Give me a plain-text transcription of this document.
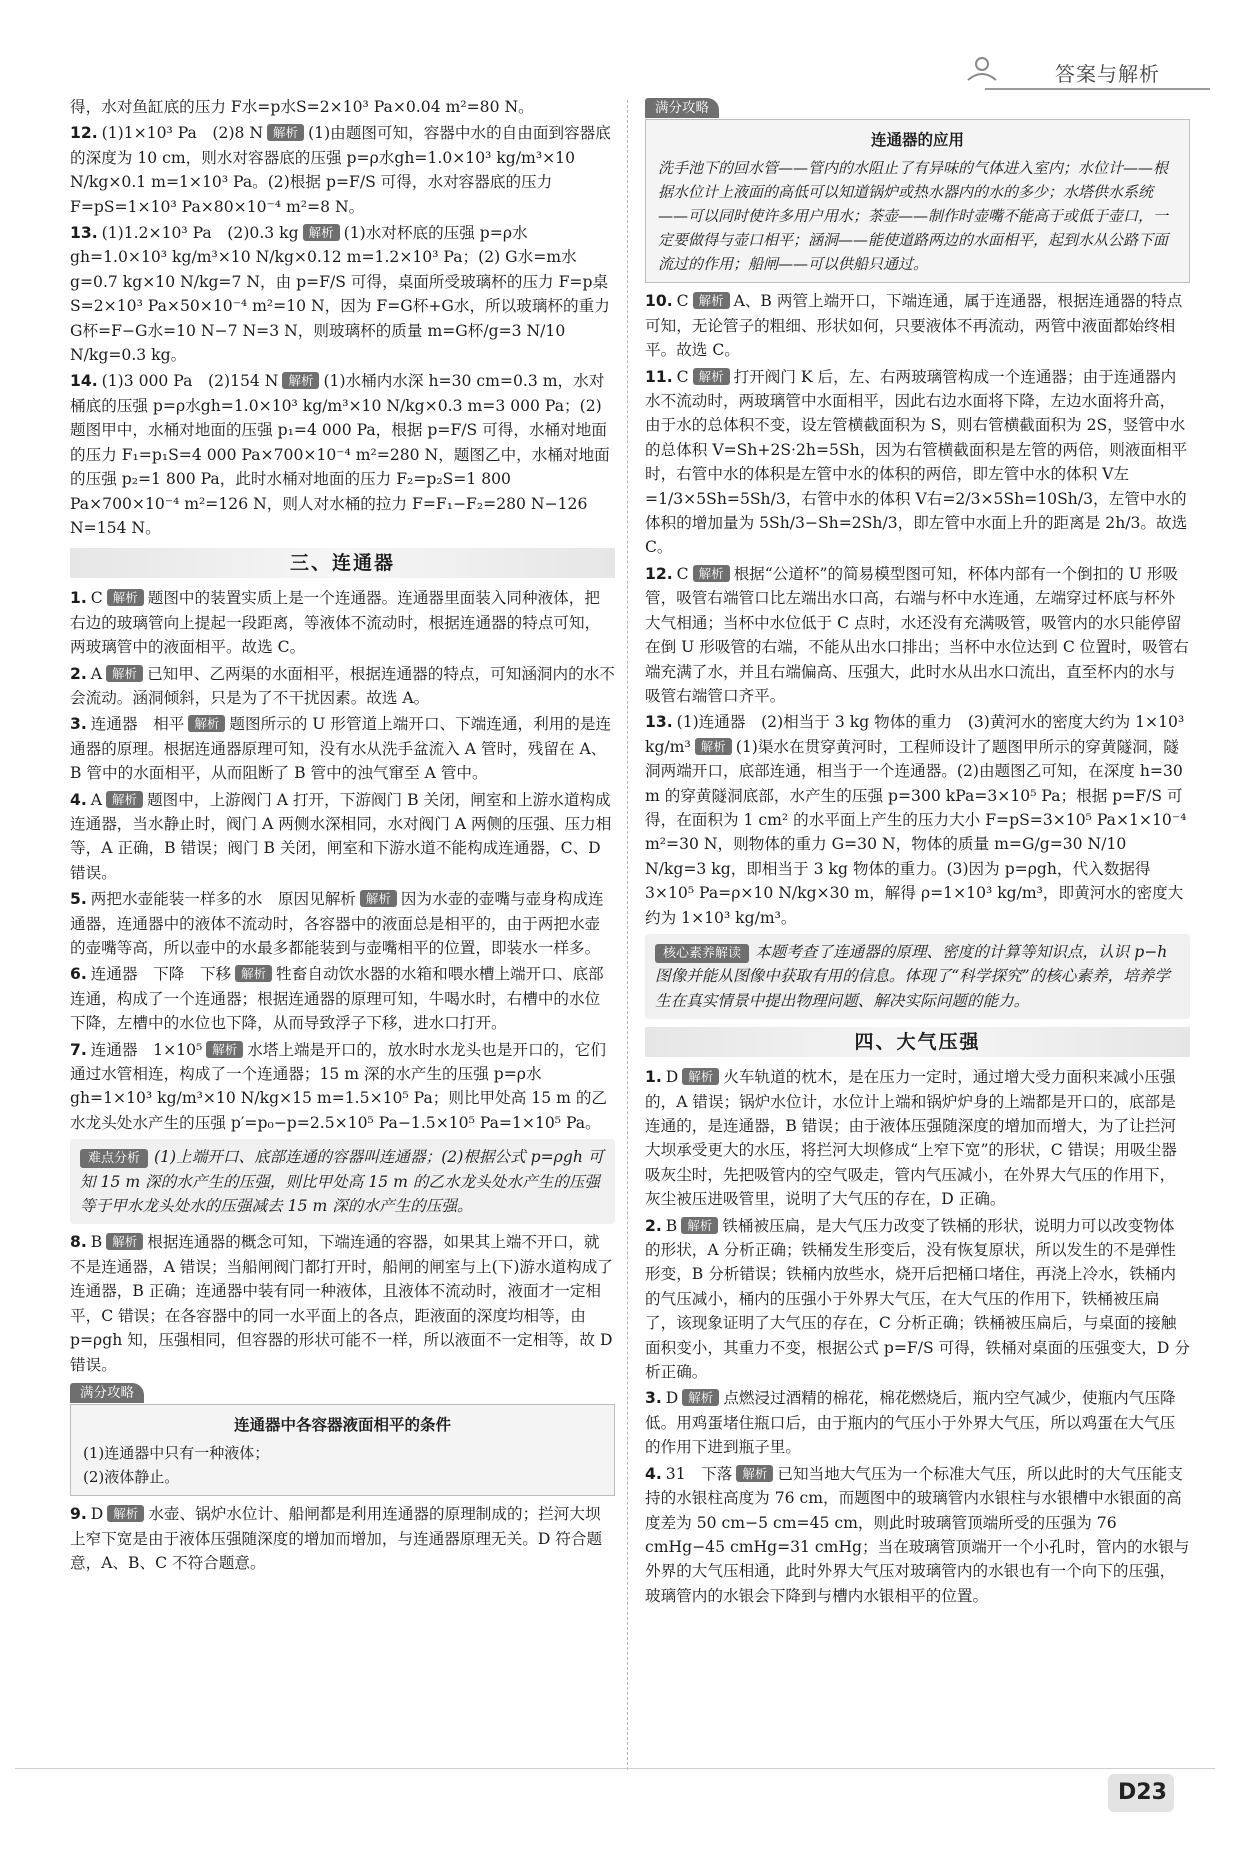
答案与解析

得，水对鱼缸底的压力 F水=p水S=2×10³ Pa×0.04 m²=80 N。

12. (1)1×10³ Pa　(2)8 N 解析 (1)由题图可知，容器中水的自由面到容器底的深度为 10 cm，则水对容器底的压强 p=ρ水gh=1.0×10³ kg/m³×10 N/kg×0.1 m=1×10³ Pa。(2)根据 p=F/S 可得，水对容器底的压力 F=pS=1×10³ Pa×80×10⁻⁴ m²=8 N。
13. (1)1.2×10³ Pa　(2)0.3 kg 解析 (1)水对杯底的压强 p=ρ水gh=1.0×10³ kg/m³×10 N/kg×0.12 m=1.2×10³ Pa；(2) G水=m水g=0.7 kg×10 N/kg=7 N，由 p=F/S 可得，桌面所受玻璃杯的压力 F=p桌S=2×10³ Pa×50×10⁻⁴ m²=10 N，因为 F=G杯+G水，所以玻璃杯的重力 G杯=F−G水=10 N−7 N=3 N，则玻璃杯的质量 m=G杯/g=3 N/10 N/kg=0.3 kg。
14. (1)3 000 Pa　(2)154 N 解析 (1)水桶内水深 h=30 cm=0.3 m，水对桶底的压强 p=ρ水gh=1.0×10³ kg/m³×10 N/kg×0.3 m=3 000 Pa；(2)题图甲中，水桶对地面的压强 p₁=4 000 Pa，根据 p=F/S 可得，水桶对地面的压力 F₁=p₁S=4 000 Pa×700×10⁻⁴ m²=280 N，题图乙中，水桶对地面的压强 p₂=1 800 Pa，此时水桶对地面的压力 F₂=p₂S=1 800 Pa×700×10⁻⁴ m²=126 N，则人对水桶的拉力 F=F₁−F₂=280 N−126 N=154 N。
三、连通器
1. C 解析 题图中的装置实质上是一个连通器。连通器里面装入同种液体，把右边的玻璃管向上提起一段距离，等液体不流动时，根据连通器的特点可知，两玻璃管中的液面相平。故选 C。
2. A 解析 已知甲、乙两渠的水面相平，根据连通器的特点，可知涵洞内的水不会流动。涵洞倾斜，只是为了不干扰因素。故选 A。
3. 连通器　相平 解析 题图所示的 U 形管道上端开口、下端连通，利用的是连通器的原理。根据连通器原理可知，没有水从洗手盆流入 A 管时，残留在 A、B 管中的水面相平，从而阻断了 B 管中的浊气窜至 A 管中。
4. A 解析 题图中，上游阀门 A 打开，下游阀门 B 关闭，闸室和上游水道构成连通器，当水静止时，阀门 A 两侧水深相同，水对阀门 A 两侧的压强、压力相等，A 正确，B 错误；阀门 B 关闭，闸室和下游水道不能构成连通器，C、D 错误。
5. 两把水壶能装一样多的水　原因见解析 解析 因为水壶的壶嘴与壶身构成连通器，连通器中的液体不流动时，各容器中的液面总是相平的，由于两把水壶的壶嘴等高，所以壶中的水最多都能装到与壶嘴相平的位置，即装水一样多。
6. 连通器　下降　下移 解析 牲畜自动饮水器的水箱和喂水槽上端开口、底部连通，构成了一个连通器；根据连通器的原理可知，牛喝水时，右槽中的水位下降，左槽中的水位也下降，从而导致浮子下移，进水口打开。
7. 连通器　1×10⁵ 解析 水塔上端是开口的，放水时水龙头也是开口的，它们通过水管相连，构成了一个连通器；15 m 深的水产生的压强 p=ρ水gh=1×10³ kg/m³×10 N/kg×15 m=1.5×10⁵ Pa；则比甲处高 15 m 的乙水龙头处水产生的压强 p′=p₀−p=2.5×10⁵ Pa−1.5×10⁵ Pa=1×10⁵ Pa。
难点分析 (1)上端开口、底部连通的容器叫连通器；(2)根据公式 p=ρgh 可知 15 m 深的水产生的压强，则比甲处高 15 m 的乙水龙头处水产生的压强等于甲水龙头处水的压强减去 15 m 深的水产生的压强。
8. B 解析 根据连通器的概念可知，下端连通的容器，如果其上端不开口，就不是连通器，A 错误；当船闸阀门都打开时，船闸的闸室与上(下)游水道构成了连通器，B 正确；连通器中装有同一种液体，且液体不流动时，液面才一定相平，C 错误；在各容器中的同一水平面上的各点，距液面的深度均相等，由 p=ρgh 知，压强相同，但容器的形状可能不一样，所以液面不一定相等，故 D 错误。
满分攻略
连通器中各容器液面相平的条件
(1)连通器中只有一种液体；
(2)液体静止。
9. D 解析 水壶、锅炉水位计、船闸都是利用连通器的原理制成的；拦河大坝上窄下宽是由于液体压强随深度的增加而增加，与连通器原理无关。D 符合题意，A、B、C 不符合题意。
满分攻略
连通器的应用
洗手池下的回水管——管内的水阻止了有异味的气体进入室内；水位计——根据水位计上液面的高低可以知道锅炉或热水器内的水的多少；水塔供水系统——可以同时使许多用户用水；茶壶——制作时壶嘴不能高于或低于壶口，一定要做得与壶口相平；涵洞——能使道路两边的水面相平，起到水从公路下面流过的作用；船闸——可以供船只通过。
10. C 解析 A、B 两管上端开口，下端连通，属于连通器，根据连通器的特点可知，无论管子的粗细、形状如何，只要液体不再流动，两管中液面都始终相平。故选 C。
11. C 解析 打开阀门 K 后，左、右两玻璃管构成一个连通器；由于连通器内水不流动时，两玻璃管中水面相平，因此右边水面将下降，左边水面将升高，由于水的总体积不变，设左管横截面积为 S，则右管横截面积为 2S，竖管中水的总体积 V=Sh+2S·2h=5Sh，因为右管横截面积是左管的两倍，则液面相平时，右管中水的体积是左管中水的体积的两倍，即左管中水的体积 V左=1/3×5Sh=5Sh/3，右管中水的体积 V右=2/3×5Sh=10Sh/3，左管中水的体积的增加量为 5Sh/3−Sh=2Sh/3，即左管中水面上升的距离是 2h/3。故选 C。
12. C 解析 根据“公道杯”的简易模型图可知，杯体内部有一个倒扣的 U 形吸管，吸管右端管口比左端出水口高，右端与杯中水连通，左端穿过杯底与杯外大气相通；当杯中水位低于 C 点时，水还没有充满吸管，吸管内的水只能停留在倒 U 形吸管的右端，不能从出水口排出；当杯中水位达到 C 位置时，吸管右端充满了水，并且右端偏高、压强大，此时水从出水口流出，直至杯内的水与吸管右端管口齐平。
13. (1)连通器　(2)相当于 3 kg 物体的重力　(3)黄河水的密度大约为 1×10³ kg/m³ 解析 (1)渠水在贯穿黄河时，工程师设计了题图甲所示的穿黄隧洞，隧洞两端开口，底部连通，相当于一个连通器。(2)由题图乙可知，在深度 h=30 m 的穿黄隧洞底部，水产生的压强 p=300 kPa=3×10⁵ Pa；根据 p=F/S 可得，在面积为 1 cm² 的水平面上产生的压力大小 F=pS=3×10⁵ Pa×1×10⁻⁴ m²=30 N，则物体的重力 G=30 N，物体的质量 m=G/g=30 N/10 N/kg=3 kg，即相当于 3 kg 物体的重力。(3)因为 p=ρgh，代入数据得 3×10⁵ Pa=ρ×10 N/kg×30 m，解得 ρ=1×10³ kg/m³，即黄河水的密度大约为 1×10³ kg/m³。
核心素养解读 本题考查了连通器的原理、密度的计算等知识点，认识 p−h 图像并能从图像中获取有用的信息。体现了“科学探究”的核心素养，培养学生在真实情景中提出物理问题、解决实际问题的能力。
四、大气压强
1. D 解析 火车轨道的枕木，是在压力一定时，通过增大受力面积来减小压强的，A 错误；锅炉水位计，水位计上端和锅炉炉身的上端都是开口的，底部是连通的，是连通器，B 错误；由于液体压强随深度的增加而增大，为了让拦河大坝承受更大的水压，将拦河大坝修成“上窄下宽”的形状，C 错误；用吸尘器吸灰尘时，先把吸管内的空气吸走，管内气压减小，在外界大气压的作用下，灰尘被压进吸管里，说明了大气压的存在，D 正确。
2. B 解析 铁桶被压扁，是大气压力改变了铁桶的形状，说明力可以改变物体的形状，A 分析正确；铁桶发生形变后，没有恢复原状，所以发生的不是弹性形变，B 分析错误；铁桶内放些水，烧开后把桶口堵住，再浇上冷水，铁桶内的气压减小，桶内的压强小于外界大气压，在大气压的作用下，铁桶被压扁了，该现象证明了大气压的存在，C 分析正确；铁桶被压扁后，与桌面的接触面积变小，其重力不变，根据公式 p=F/S 可得，铁桶对桌面的压强变大，D 分析正确。
3. D 解析 点燃浸过酒精的棉花，棉花燃烧后，瓶内空气减少，使瓶内气压降低。用鸡蛋堵住瓶口后，由于瓶内的气压小于外界大气压，所以鸡蛋在大气压的作用下进到瓶子里。
4. 31　下落 解析 已知当地大气压为一个标准大气压，所以此时的大气压能支持的水银柱高度为 76 cm，而题图中的玻璃管内水银柱与水银槽中水银面的高度差为 50 cm−5 cm=45 cm，则此时玻璃管顶端所受的压强为 76 cmHg−45 cmHg=31 cmHg；当在玻璃管顶端开一个小孔时，管内的水银与外界的大气压相通，此时外界大气压对玻璃管内的水银也有一个向下的压强，玻璃管内的水银会下降到与槽内水银相平的位置。
D23
